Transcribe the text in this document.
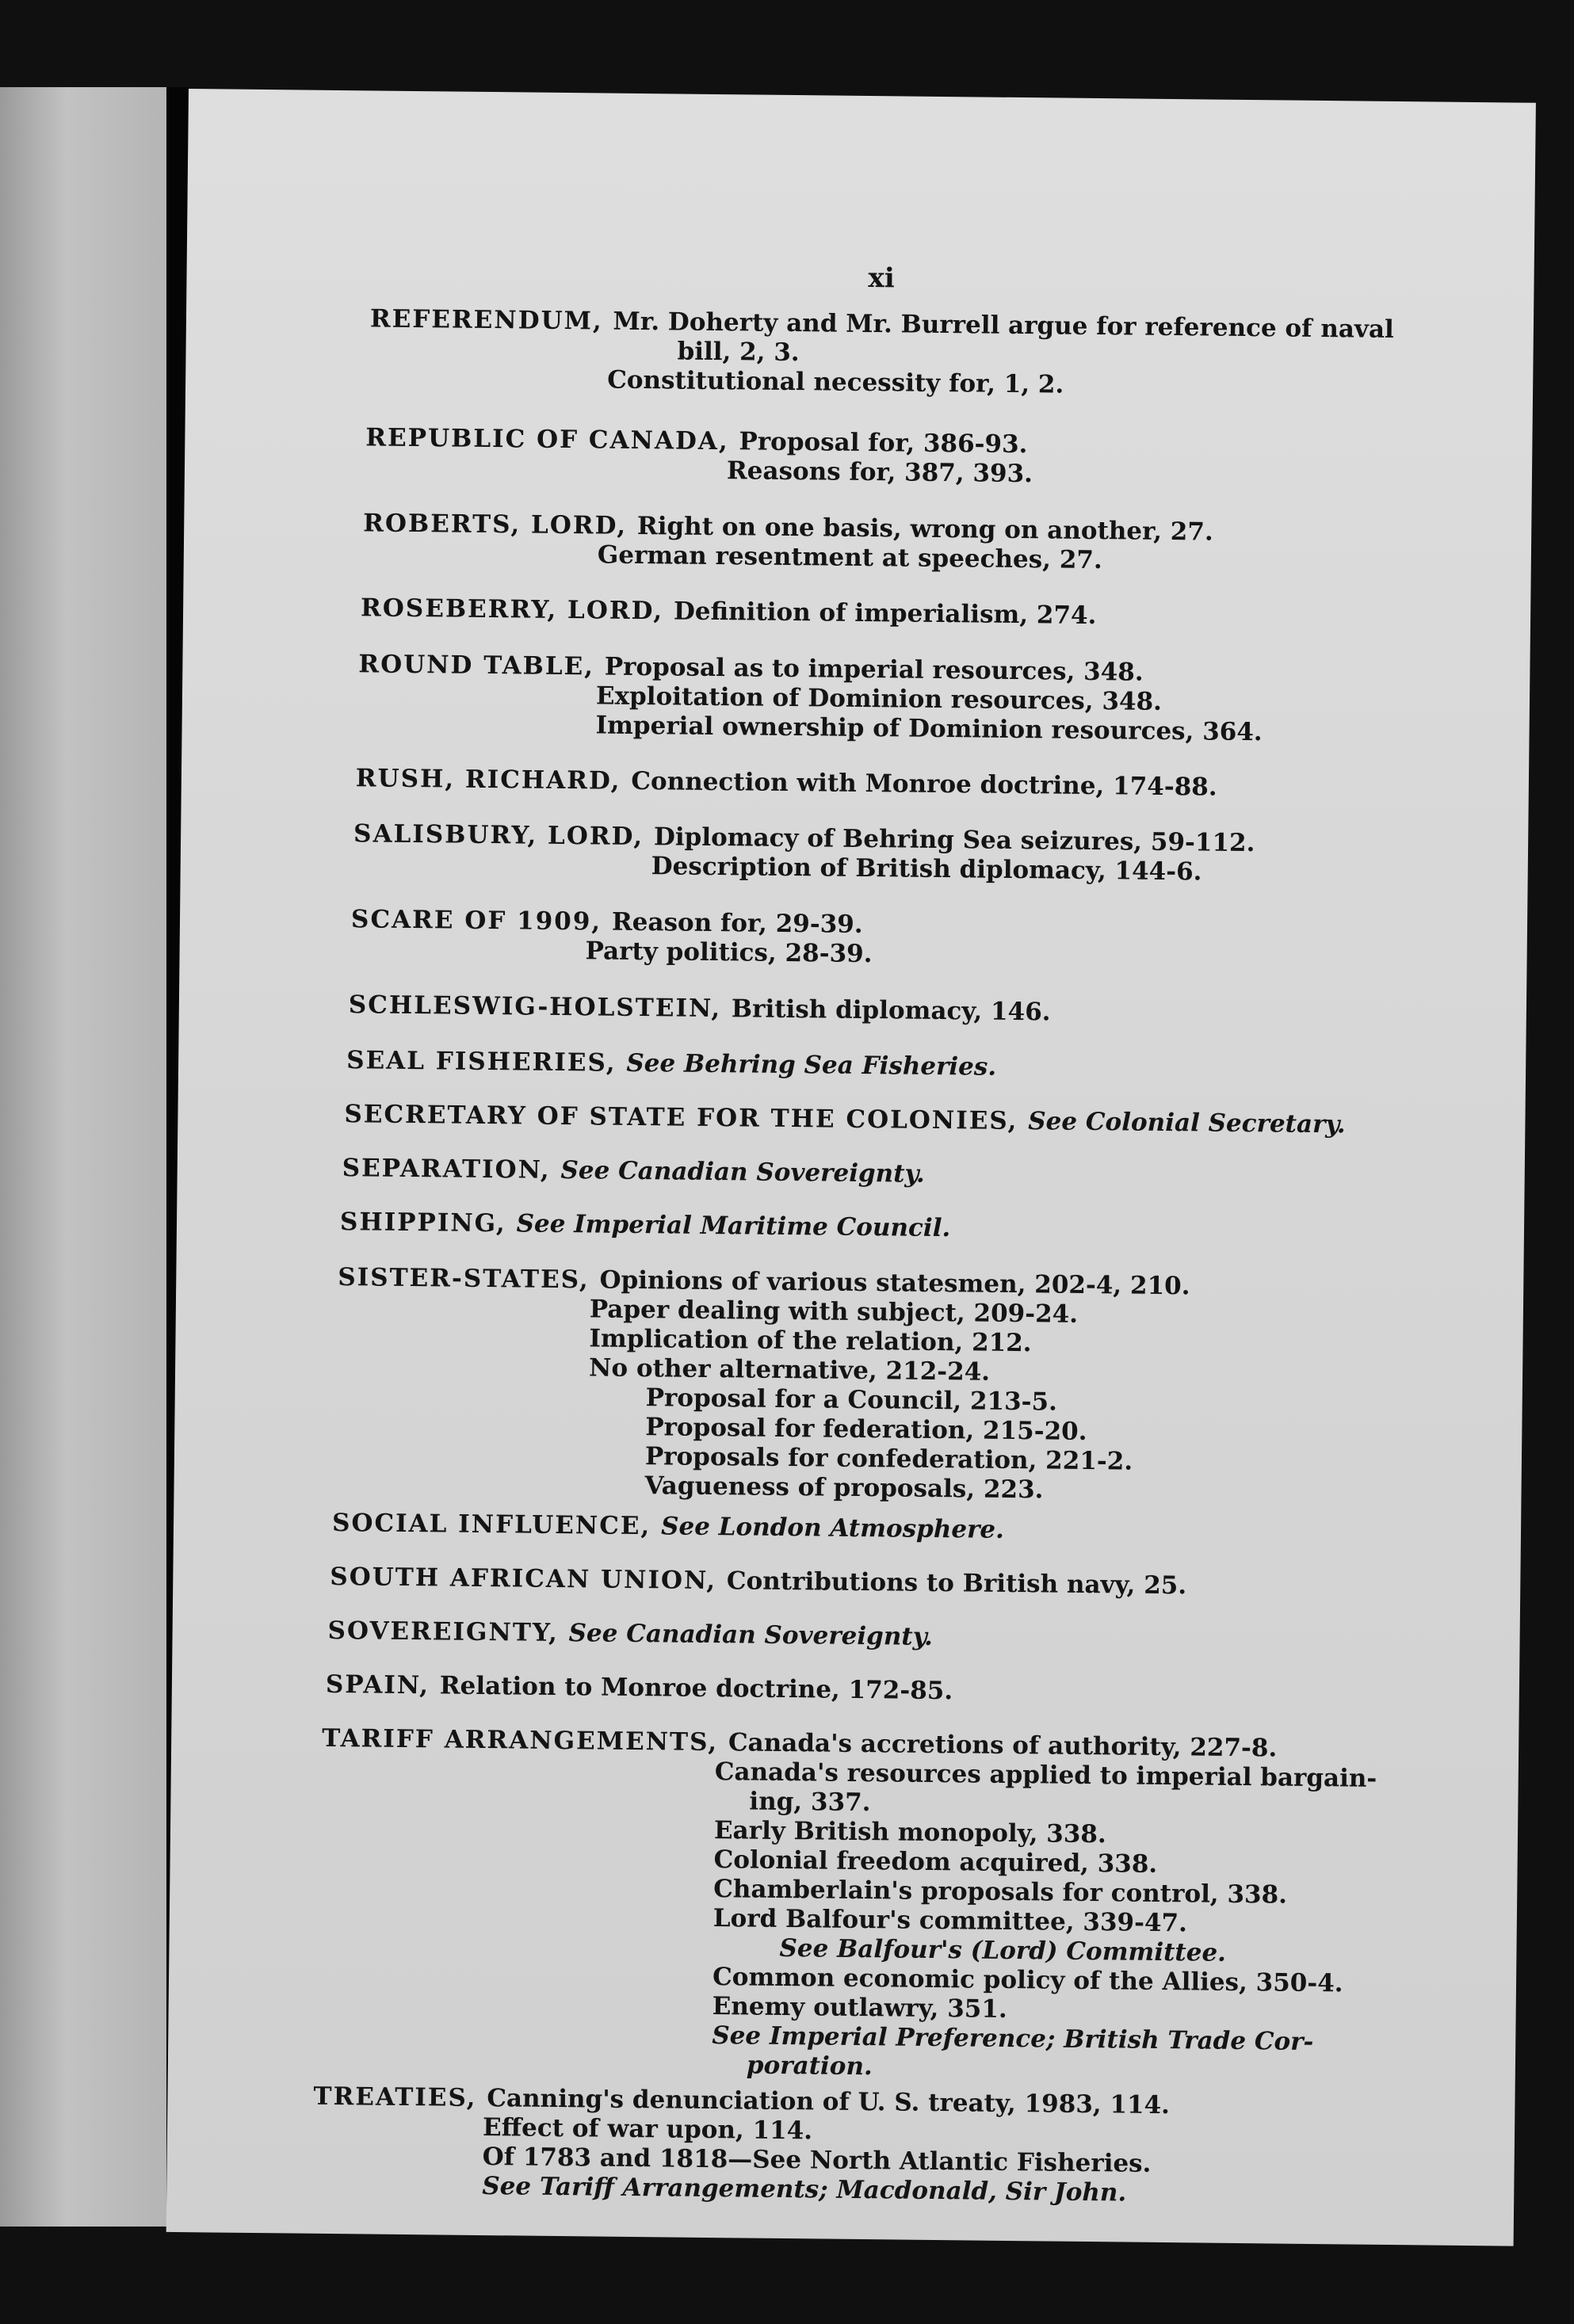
xi
REFERENDUM, Mr. Doherty and Mr. Burrell argue for reference of naval
bill, 2, 3.
Constitutional necessity for, 1, 2.
REPUBLIC OF CANADA, Proposal for, 386-93.
Reasons for, 387, 393.
ROBERTS, LORD, Right on one basis, wrong on another, 27.
German resentment at speeches, 27.
ROSEBERRY, LORD, Definition of imperialism, 274.
ROUND TABLE, Proposal as to imperial resources, 348.
Exploitation of Dominion resources, 348.
Imperial ownership of Dominion resources, 364.
RUSH, RICHARD, Connection with Monroe doctrine, 174-88.
SALISBURY, LORD, Diplomacy of Behring Sea seizures, 59-112.
Description of British diplomacy, 144-6.
SCARE OF 1909, Reason for, 29-39.
Party politics, 28-39.
SCHLESWIG-HOLSTEIN, British diplomacy, 146.
SEAL FISHERIES, See Behring Sea Fisheries.
SECRETARY OF STATE FOR THE COLONIES, See Colonial Secretary.
SEPARATION, See Canadian Sovereignty.
SHIPPING, See Imperial Maritime Council.
SISTER-STATES, Opinions of various statesmen, 202-4, 210.
Paper dealing with subject, 209-24.
Implication of the relation, 212.
No other alternative, 212-24.
Proposal for a Council, 213-5.
Proposal for federation, 215-20.
Proposals for confederation, 221-2.
Vagueness of proposals, 223.
SOCIAL INFLUENCE, See London Atmosphere.
SOUTH AFRICAN UNION, Contributions to British navy, 25.
SOVEREIGNTY, See Canadian Sovereignty.
SPAIN, Relation to Monroe doctrine, 172-85.
TARIFF ARRANGEMENTS, Canada's accretions of authority, 227-8.
Canada's resources applied to imperial bargain-
ing, 337.
Early British monopoly, 338.
Colonial freedom acquired, 338.
Chamberlain's proposals for control, 338.
Lord Balfour's committee, 339-47.
See Balfour's (Lord) Committee.
Common economic policy of the Allies, 350-4.
Enemy outlawry, 351.
See Imperial Preference; British Trade Cor-
poration.
TREATIES, Canning's denunciation of U. S. treaty, 1983, 114.
Effect of war upon, 114.
Of 1783 and 1818—See North Atlantic Fisheries.
See Tariff Arrangements; Macdonald, Sir John.
